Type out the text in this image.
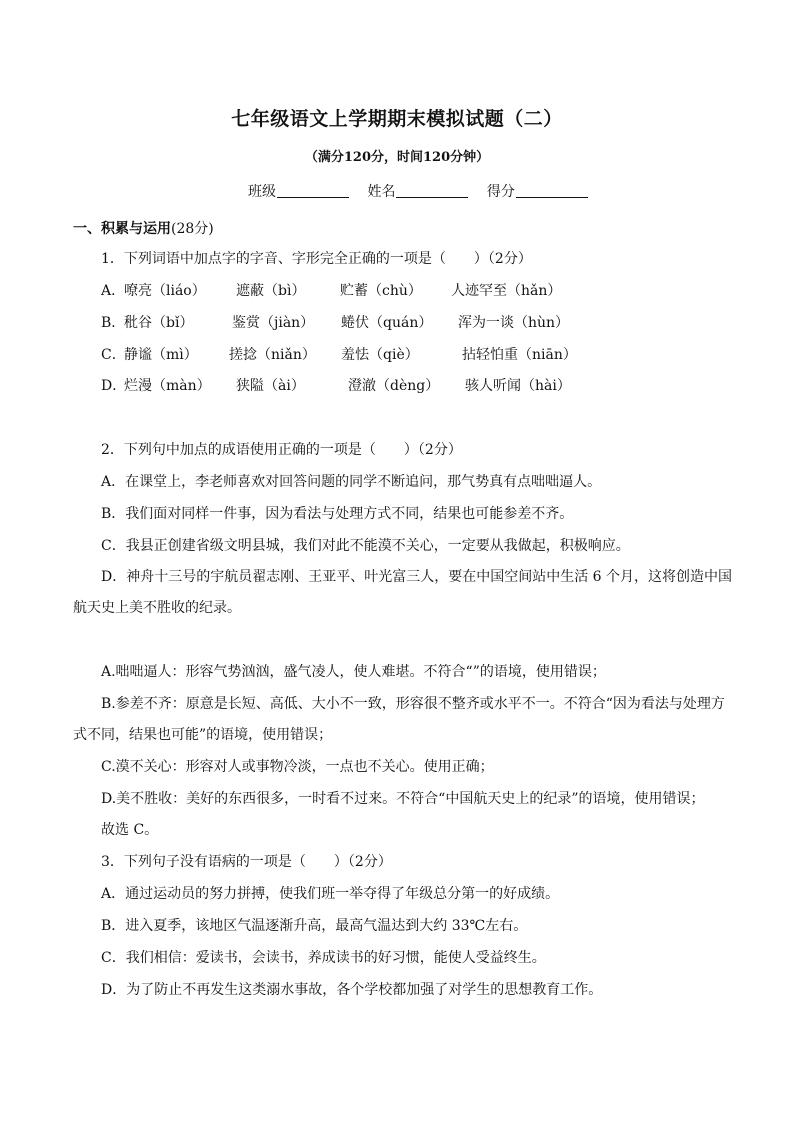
七年级语文上学期期末模拟试题（二）
（满分120分，时间120分钟）
班级	姓名	得分
一、积累与运用(28分)
1．下列词语中加点字的字音、字形完全正确的一项是（　　）（2分）
A．
嘹亮（liáo） 遮蔽（bì） 贮蓄（chù） 人迹罕至（hǎn）
B．
秕谷（bǐ）	鉴赏（jiàn） 蜷伏（quán） 浑为一谈（hùn）
C．
静谧（mì） 搓捻（niǎn） 羞怯（qiè）	拈轻怕重（niān）
D．
烂漫（màn） 狭隘（ài）	澄澈（dèng） 骇人听闻（hài）
2．下列句中加点的成语使用正确的一项是（　　）（2分）
A．在课堂上，李老师喜欢对回答问题的同学不断追问，那气势真有点咄咄逼人。
B．我们面对同样一件事，因为看法与处理方式不同，结果也可能参差不齐。
C．我县正创建省级文明县城，我们对此不能漠不关心，一定要从我做起，积极响应。
D．神舟十三号的宇航员翟志刚、王亚平、叶光富三人，要在中国空间站中生活 6 个月，这将创造中国
航天史上美不胜收的纪录。
A.咄咄逼人：形容气势汹汹，盛气凌人，使人难堪。不符合“”的语境，使用错误；
B.参差不齐：原意是长短、高低、大小不一致，形容很不整齐或水平不一。不符合“因为看法与处理方
式不同，结果也可能”的语境，使用错误；
C.漠不关心：形容对人或事物冷淡，一点也不关心。使用正确；
D.美不胜收：美好的东西很多，一时看不过来。不符合“中国航天史上的纪录”的语境，使用错误；
故选 C。
3．下列句子没有语病的一项是（　　）（2分）
A．通过运动员的努力拼搏，使我们班一举夺得了年级总分第一的好成绩。
B．进入夏季，该地区气温逐渐升高，最高气温达到大约 33℃左右。
C．我们相信：爱读书，会读书，养成读书的好习惯，能使人受益终生。
D．为了防止不再发生这类溺水事故，各个学校都加强了对学生的思想教育工作。
